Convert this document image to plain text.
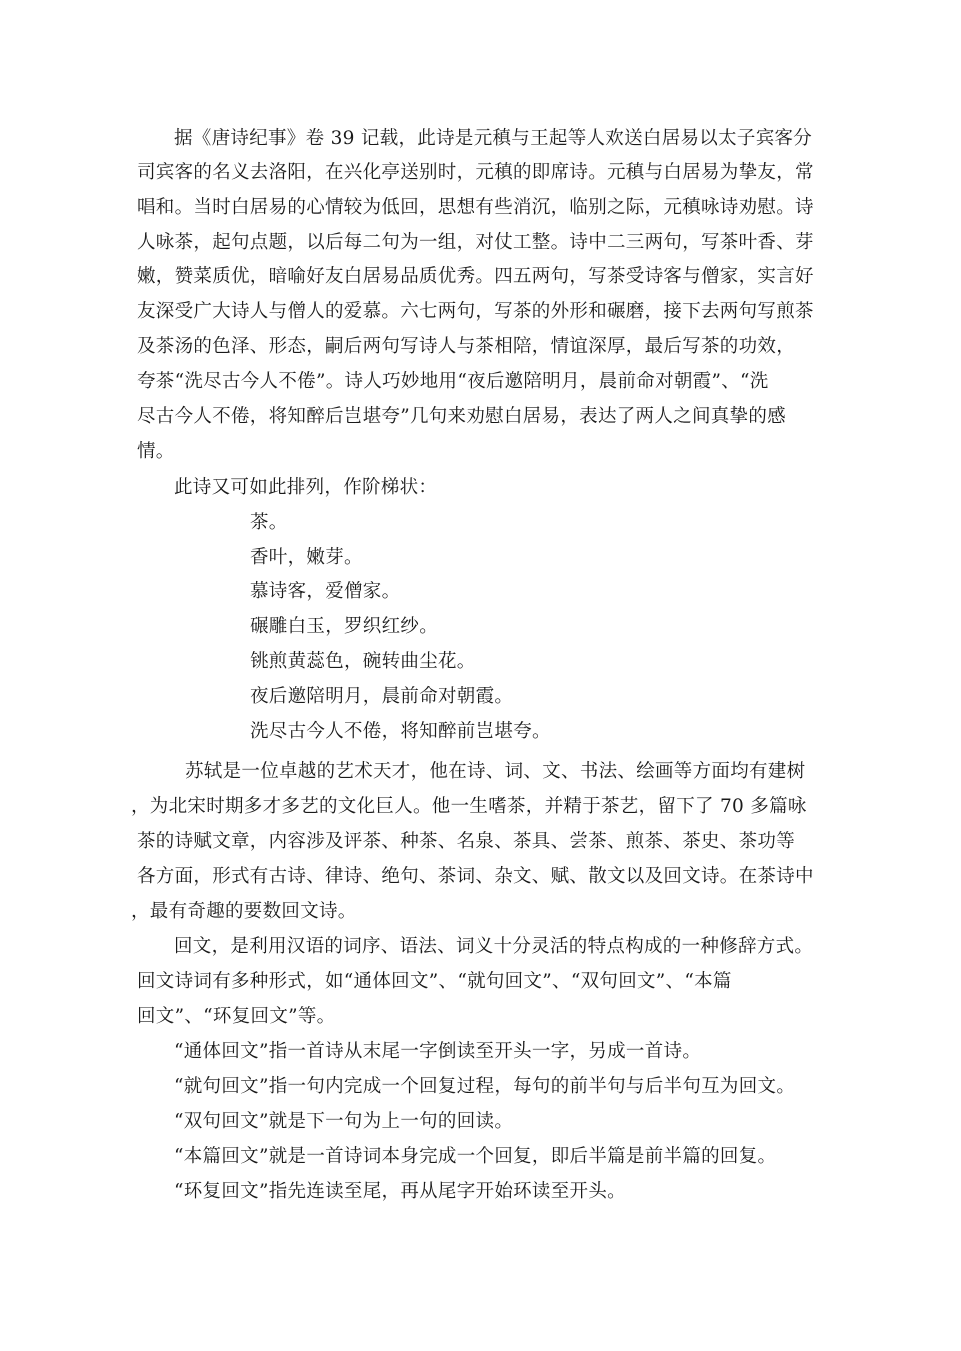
据《唐诗纪事》卷 39 记载，此诗是元稹与王起等人欢送白居易以太子宾客分
司宾客的名义去洛阳，在兴化亭送别时，元稹的即席诗。元稹与白居易为挚友，常
唱和。当时白居易的心情较为低回，思想有些消沉，临别之际，元稹咏诗劝慰。诗
人咏茶，起句点题，以后每二句为一组，对仗工整。诗中二三两句，写茶叶香、芽
嫩，赞菜质优，暗喻好友白居易品质优秀。四五两句，写茶受诗客与僧家，实言好
友深受广大诗人与僧人的爱慕。六七两句，写茶的外形和碾磨，接下去两句写煎茶
及茶汤的色泽、形态，嗣后两句写诗人与茶相陪，情谊深厚，最后写茶的功效，
夸茶“洗尽古今人不倦”。诗人巧妙地用“夜后邀陪明月，晨前命对朝霞”、“洗
尽古今人不倦，将知醉后岂堪夸”几句来劝慰白居易，表达了两人之间真挚的感
情。
此诗又可如此排列，作阶梯状：
茶。
香叶，嫩芽。
慕诗客，爱僧家。
碾雕白玉，罗织红纱。
铫煎黄蕊色，碗转曲尘花。
夜后邀陪明月，晨前命对朝霞。
洗尽古今人不倦，将知醉前岂堪夸。
苏轼是一位卓越的艺术天才，他在诗、词、文、书法、绘画等方面均有建树
，为北宋时期多才多艺的文化巨人。他一生嗜茶，并精于茶艺，留下了 70 多篇咏
茶的诗赋文章，内容涉及评茶、种茶、名泉、茶具、尝茶、煎茶、茶史、茶功等
各方面，形式有古诗、律诗、绝句、茶词、杂文、赋、散文以及回文诗。在茶诗中
，最有奇趣的要数回文诗。
回文，是利用汉语的词序、语法、词义十分灵活的特点构成的一种修辞方式。
回文诗词有多种形式，如“通体回文”、“就句回文”、“双句回文”、“本篇
回文”、“环复回文”等。
“通体回文”指一首诗从末尾一字倒读至开头一字，另成一首诗。
“就句回文”指一句内完成一个回复过程，每句的前半句与后半句互为回文。
“双句回文”就是下一句为上一句的回读。
“本篇回文”就是一首诗词本身完成一个回复，即后半篇是前半篇的回复。
“环复回文”指先连读至尾，再从尾字开始环读至开头。
